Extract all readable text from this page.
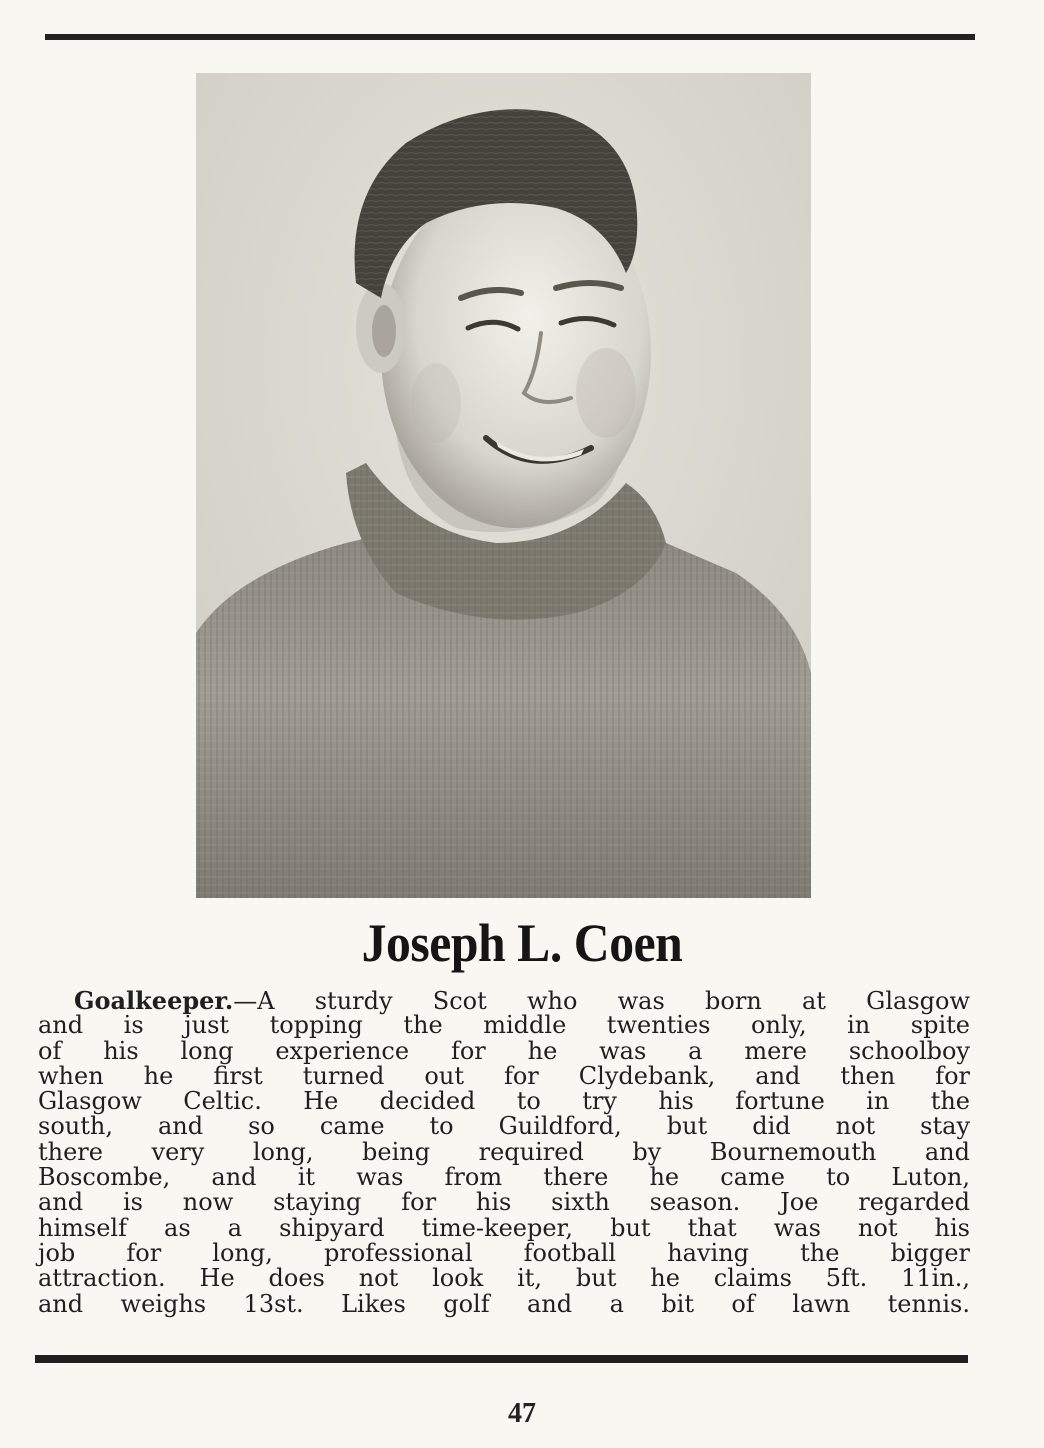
Joseph L. Coen
Goalkeeper.—A sturdy Scot who was born at Glasgow
and is just topping the middle twenties only, in spite
of his long experience for he was a mere schoolboy
when he first turned out for Clydebank, and then for
Glasgow Celtic. He decided to try his fortune in the
south, and so came to Guildford, but did not stay
there very long, being required by Bournemouth and
Boscombe, and it was from there he came to Luton,
and is now staying for his sixth season. Joe regarded
himself as a shipyard time-keeper, but that was not his
job for long, professional football having the bigger
attraction. He does not look it, but he claims 5ft. 11in.,
and weighs 13st. Likes golf and a bit of lawn tennis.
47
